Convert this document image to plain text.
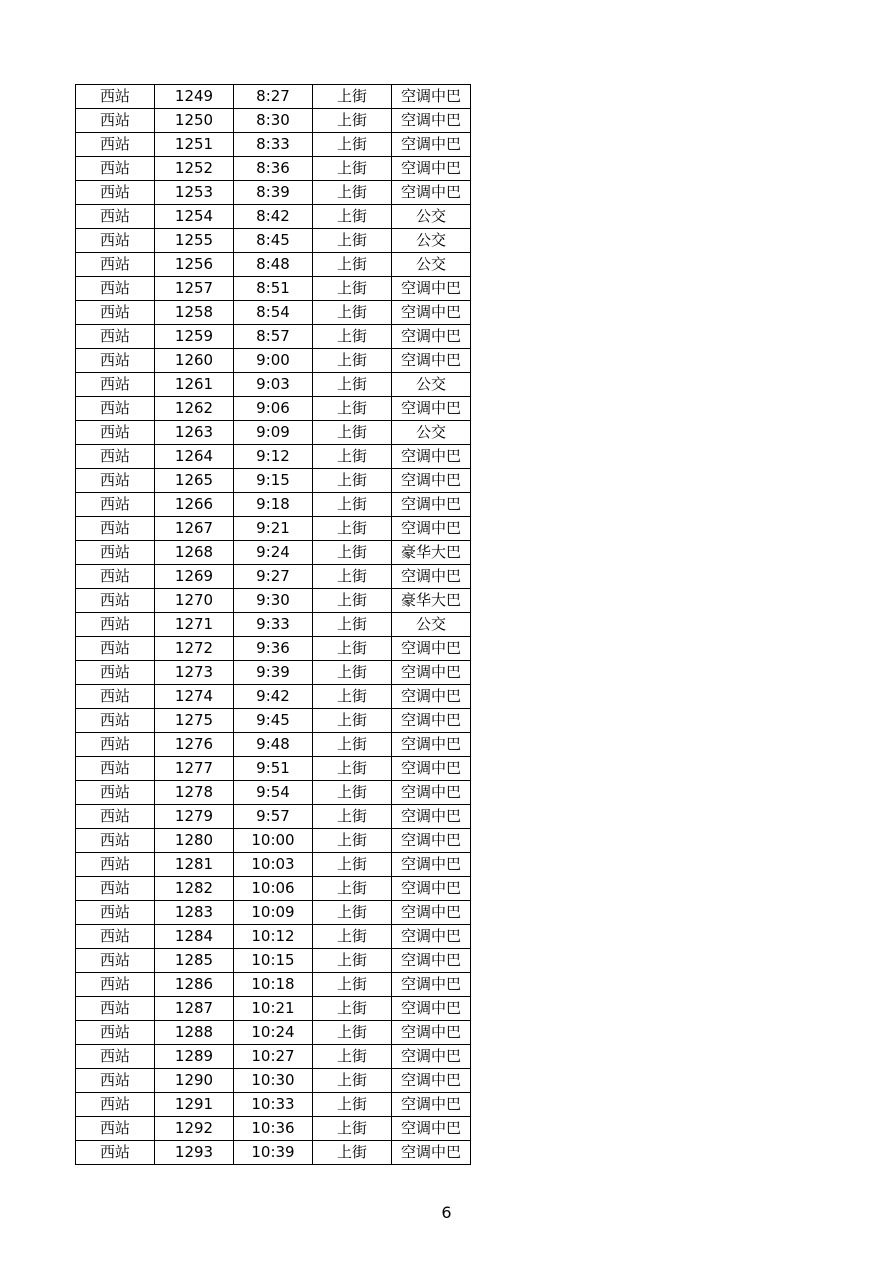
西站	1249	8:27	上街	空调中巴
西站	1250	8:30	上街	空调中巴
西站	1251	8:33	上街	空调中巴
西站	1252	8:36	上街	空调中巴
西站	1253	8:39	上街	空调中巴
西站	1254	8:42	上街	公交
西站	1255	8:45	上街	公交
西站	1256	8:48	上街	公交
西站	1257	8:51	上街	空调中巴
西站	1258	8:54	上街	空调中巴
西站	1259	8:57	上街	空调中巴
西站	1260	9:00	上街	空调中巴
西站	1261	9:03	上街	公交
西站	1262	9:06	上街	空调中巴
西站	1263	9:09	上街	公交
西站	1264	9:12	上街	空调中巴
西站	1265	9:15	上街	空调中巴
西站	1266	9:18	上街	空调中巴
西站	1267	9:21	上街	空调中巴
西站	1268	9:24	上街	豪华大巴
西站	1269	9:27	上街	空调中巴
西站	1270	9:30	上街	豪华大巴
西站	1271	9:33	上街	公交
西站	1272	9:36	上街	空调中巴
西站	1273	9:39	上街	空调中巴
西站	1274	9:42	上街	空调中巴
西站	1275	9:45	上街	空调中巴
西站	1276	9:48	上街	空调中巴
西站	1277	9:51	上街	空调中巴
西站	1278	9:54	上街	空调中巴
西站	1279	9:57	上街	空调中巴
西站	1280	10:00	上街	空调中巴
西站	1281	10:03	上街	空调中巴
西站	1282	10:06	上街	空调中巴
西站	1283	10:09	上街	空调中巴
西站	1284	10:12	上街	空调中巴
西站	1285	10:15	上街	空调中巴
西站	1286	10:18	上街	空调中巴
西站	1287	10:21	上街	空调中巴
西站	1288	10:24	上街	空调中巴
西站	1289	10:27	上街	空调中巴
西站	1290	10:30	上街	空调中巴
西站	1291	10:33	上街	空调中巴
西站	1292	10:36	上街	空调中巴
西站	1293	10:39	上街	空调中巴
6
